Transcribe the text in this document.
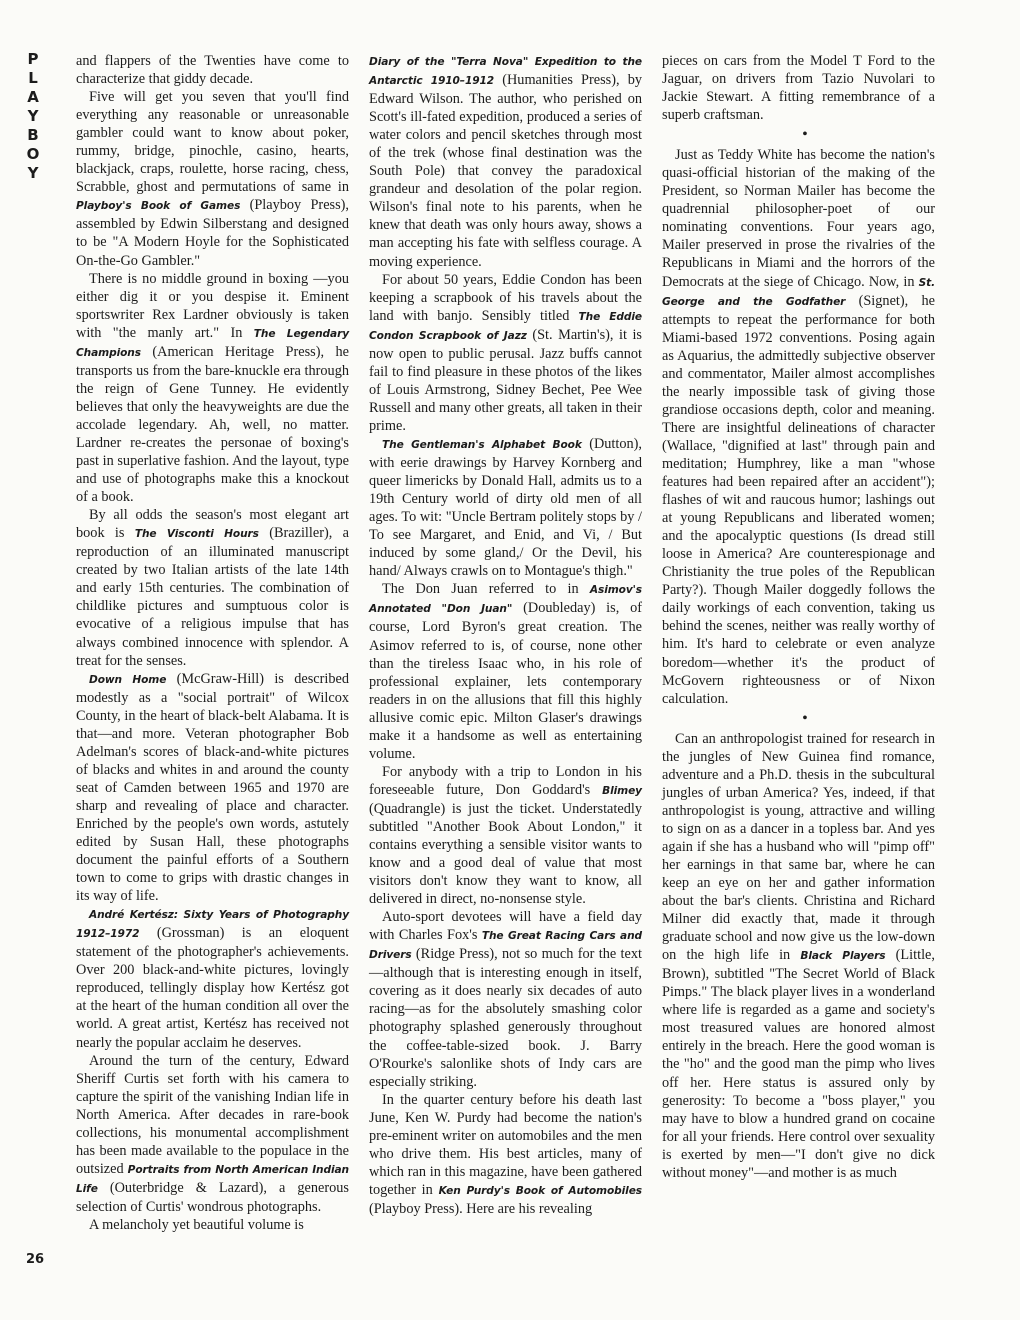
P
L
A
Y
B
O
Y
26

and flappers of the Twenties have come to characterize that giddy decade.

Five will get you seven that you'll find everything any reasonable or unreasonable gambler could want to know about poker, rummy, bridge, pinochle, casino, hearts, blackjack, craps, roulette, horse racing, chess, Scrabble, ghost and permutations of same in Playboy's Book of Games (Playboy Press), assembled by Edwin Silberstang and designed to be "A Modern Hoyle for the Sophisticated On-the-Go Gambler."

There is no middle ground in boxing —you either dig it or you despise it. Eminent sportswriter Rex Lardner obviously is taken with "the manly art." In The Legendary Champions (American Heritage Press), he transports us from the bare-knuckle era through the reign of Gene Tunney. He evidently believes that only the heavyweights are due the accolade legendary. Ah, well, no matter. Lardner re-creates the personae of boxing's past in superlative fashion. And the layout, type and use of photographs make this a knockout of a book.

By all odds the season's most elegant art book is The Visconti Hours (Braziller), a reproduction of an illuminated manuscript created by two Italian artists of the late 14th and early 15th centuries. The combination of childlike pictures and sumptuous color is evocative of a religious impulse that has always combined innocence with splendor. A treat for the senses.

Down Home (McGraw-Hill) is described modestly as a "social portrait" of Wilcox County, in the heart of black-belt Alabama. It is that—and more. Veteran photographer Bob Adelman's scores of black-and-white pictures of blacks and whites in and around the county seat of Camden between 1965 and 1970 are sharp and revealing of place and character. Enriched by the people's own words, astutely edited by Susan Hall, these photographs document the painful efforts of a Southern town to come to grips with drastic changes in its way of life.

André Kertész: Sixty Years of Photography 1912–1972 (Grossman) is an eloquent statement of the photographer's achievements. Over 200 black-and-white pictures, lovingly reproduced, tellingly display how Kertész got at the heart of the human condition all over the world. A great artist, Kertész has received not nearly the popular acclaim he deserves.

Around the turn of the century, Edward Sheriff Curtis set forth with his camera to capture the spirit of the vanishing Indian life in North America. After decades in rare-book collections, his monumental accomplishment has been made available to the populace in the outsized Portraits from North American Indian Life (Outerbridge & Lazard), a generous selection of Curtis' wondrous photographs.

A melancholy yet beautiful volume is

Diary of the "Terra Nova" Expedition to the Antarctic 1910–1912 (Humanities Press), by Edward Wilson. The author, who perished on Scott's ill-fated expedition, produced a series of water colors and pencil sketches through most of the trek (whose final destination was the South Pole) that convey the paradoxical grandeur and desolation of the polar region. Wilson's final note to his parents, when he knew that death was only hours away, shows a man accepting his fate with selfless courage. A moving experience.

For about 50 years, Eddie Condon has been keeping a scrapbook of his travels about the land with banjo. Sensibly titled The Eddie Condon Scrapbook of Jazz (St. Martin's), it is now open to public perusal. Jazz buffs cannot fail to find pleasure in these photos of the likes of Louis Armstrong, Sidney Bechet, Pee Wee Russell and many other greats, all taken in their prime.

The Gentleman's Alphabet Book (Dutton), with eerie drawings by Harvey Kornberg and queer limericks by Donald Hall, admits us to a 19th Century world of dirty old men of all ages. To wit: "Uncle Bertram politely stops by / To see Margaret, and Enid, and Vi, / But induced by some gland,/ Or the Devil, his hand/ Always crawls on to Montague's thigh."

The Don Juan referred to in Asimov's Annotated "Don Juan" (Doubleday) is, of course, Lord Byron's great creation. The Asimov referred to is, of course, none other than the tireless Isaac who, in his role of professional explainer, lets contemporary readers in on the allusions that fill this highly allusive comic epic. Milton Glaser's drawings make it a handsome as well as entertaining volume.

For anybody with a trip to London in his foreseeable future, Don Goddard's Blimey (Quadrangle) is just the ticket. Understatedly subtitled "Another Book About London," it contains everything a sensible visitor wants to know and a good deal of value that most visitors don't know they want to know, all delivered in direct, no-nonsense style.

Auto-sport devotees will have a field day with Charles Fox's The Great Racing Cars and Drivers (Ridge Press), not so much for the text—although that is interesting enough in itself, covering as it does nearly six decades of auto racing—as for the absolutely smashing color photography splashed generously throughout the coffee-table-sized book. J. Barry O'Rourke's salonlike shots of Indy cars are especially striking.

In the quarter century before his death last June, Ken W. Purdy had become the nation's pre-eminent writer on automobiles and the men who drive them. His best articles, many of which ran in this magazine, have been gathered together in Ken Purdy's Book of Automobiles (Playboy Press). Here are his revealing

pieces on cars from the Model T Ford to the Jaguar, on drivers from Tazio Nuvolari to Jackie Stewart. A fitting remembrance of a superb craftsman.

•

Just as Teddy White has become the nation's quasi-official historian of the making of the President, so Norman Mailer has become the quadrennial philosopher-poet of our nominating conventions. Four years ago, Mailer preserved in prose the rivalries of the Republicans in Miami and the horrors of the Democrats at the siege of Chicago. Now, in St. George and the Godfather (Signet), he attempts to repeat the performance for both Miami-based 1972 conventions. Posing again as Aquarius, the admittedly subjective observer and commentator, Mailer almost accomplishes the nearly impossible task of giving those grandiose occasions depth, color and meaning. There are insightful delineations of character (Wallace, "dignified at last" through pain and meditation; Humphrey, like a man "whose features had been repaired after an accident"); flashes of wit and raucous humor; lashings out at young Republicans and liberated women; and the apocalyptic questions (Is dread still loose in America? Are counterespionage and Christianity the true poles of the Republican Party?). Though Mailer doggedly follows the daily workings of each convention, taking us behind the scenes, neither was really worthy of him. It's hard to celebrate or even analyze boredom—whether it's the product of McGovern righteousness or of Nixon calculation.

•

Can an anthropologist trained for research in the jungles of New Guinea find romance, adventure and a Ph.D. thesis in the subcultural jungles of urban America? Yes, indeed, if that anthropologist is young, attractive and willing to sign on as a dancer in a topless bar. And yes again if she has a husband who will "pimp off" her earnings in that same bar, where he can keep an eye on her and gather information about the bar's clients. Christina and Richard Milner did exactly that, made it through graduate school and now give us the low-down on the high life in Black Players (Little, Brown), subtitled "The Secret World of Black Pimps." The black player lives in a wonderland where life is regarded as a game and society's most treasured values are honored almost entirely in the breach. Here the good woman is the "ho" and the good man the pimp who lives off her. Here status is assured only by generosity: To become a "boss player," you may have to blow a hundred grand on cocaine for all your friends. Here control over sexuality is exerted by men—"I don't give no dick without money"—and mother is as much
